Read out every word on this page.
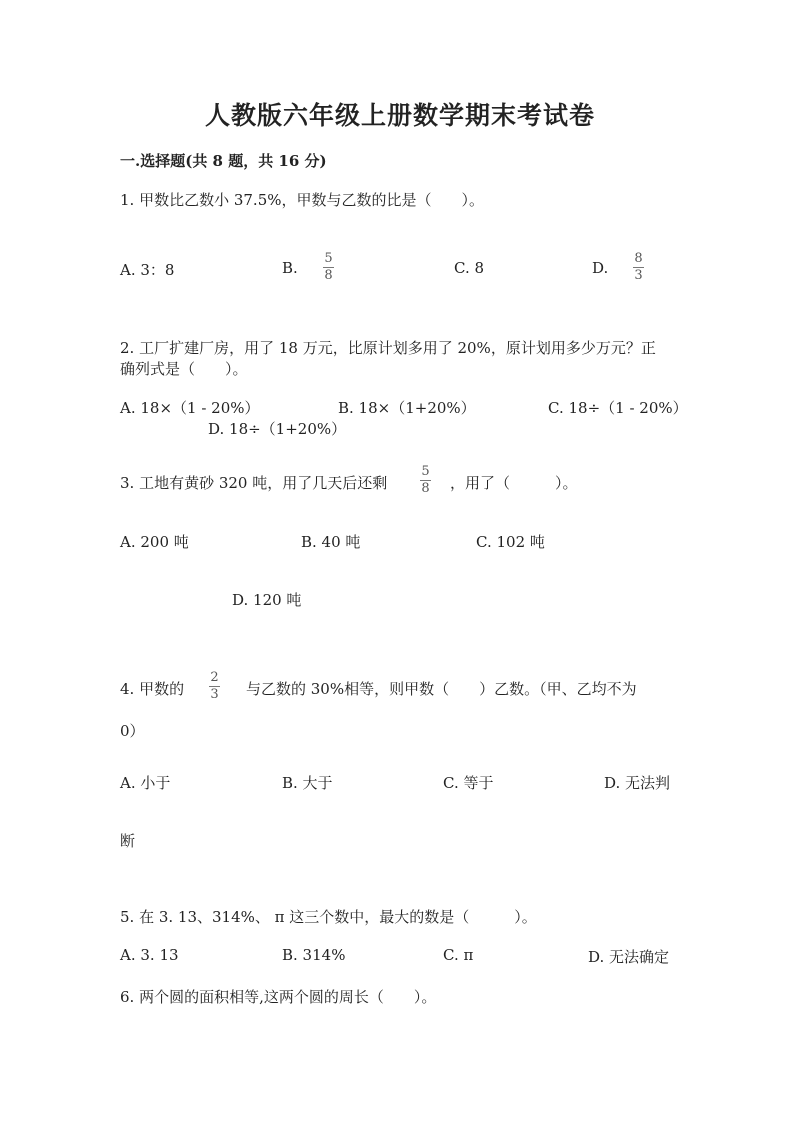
人教版六年级上册数学期末考试卷
一.选择题(共 8 题，共 16 分)
1. 甲数比乙数小 37.5%，甲数与乙数的比是（　　）。
A. 3：8	B.
5
8	C. 8	D.
8
3
2. 工厂扩建厂房，用了 18 万元，比原计划多用了 20%，原计划用多少万元？正
确列式是（　　）。
A. 18×（1 - 20%）	B. 18×（1+20%）	C. 18÷（1 - 20%）
D. 18÷（1+20%）
3. 工地有黄砂 320 吨，用了几天后还剩
5
8 ，用了（　　　）。
A. 200 吨	B. 40 吨	C. 102 吨
D. 120 吨
4. 甲数的
2
3 与乙数的 30%相等，则甲数（　　）乙数。（甲、乙均不为
0）
A. 小于	B. 大于	C. 等于	D. 无法判
断
5. 在 3. 13、314%、 π 这三个数中，最大的数是（　　　）。
A. 3. 13	B. 314%	C. π	D. 无法确定
6. 两个圆的面积相等,这两个圆的周长（　　）。
